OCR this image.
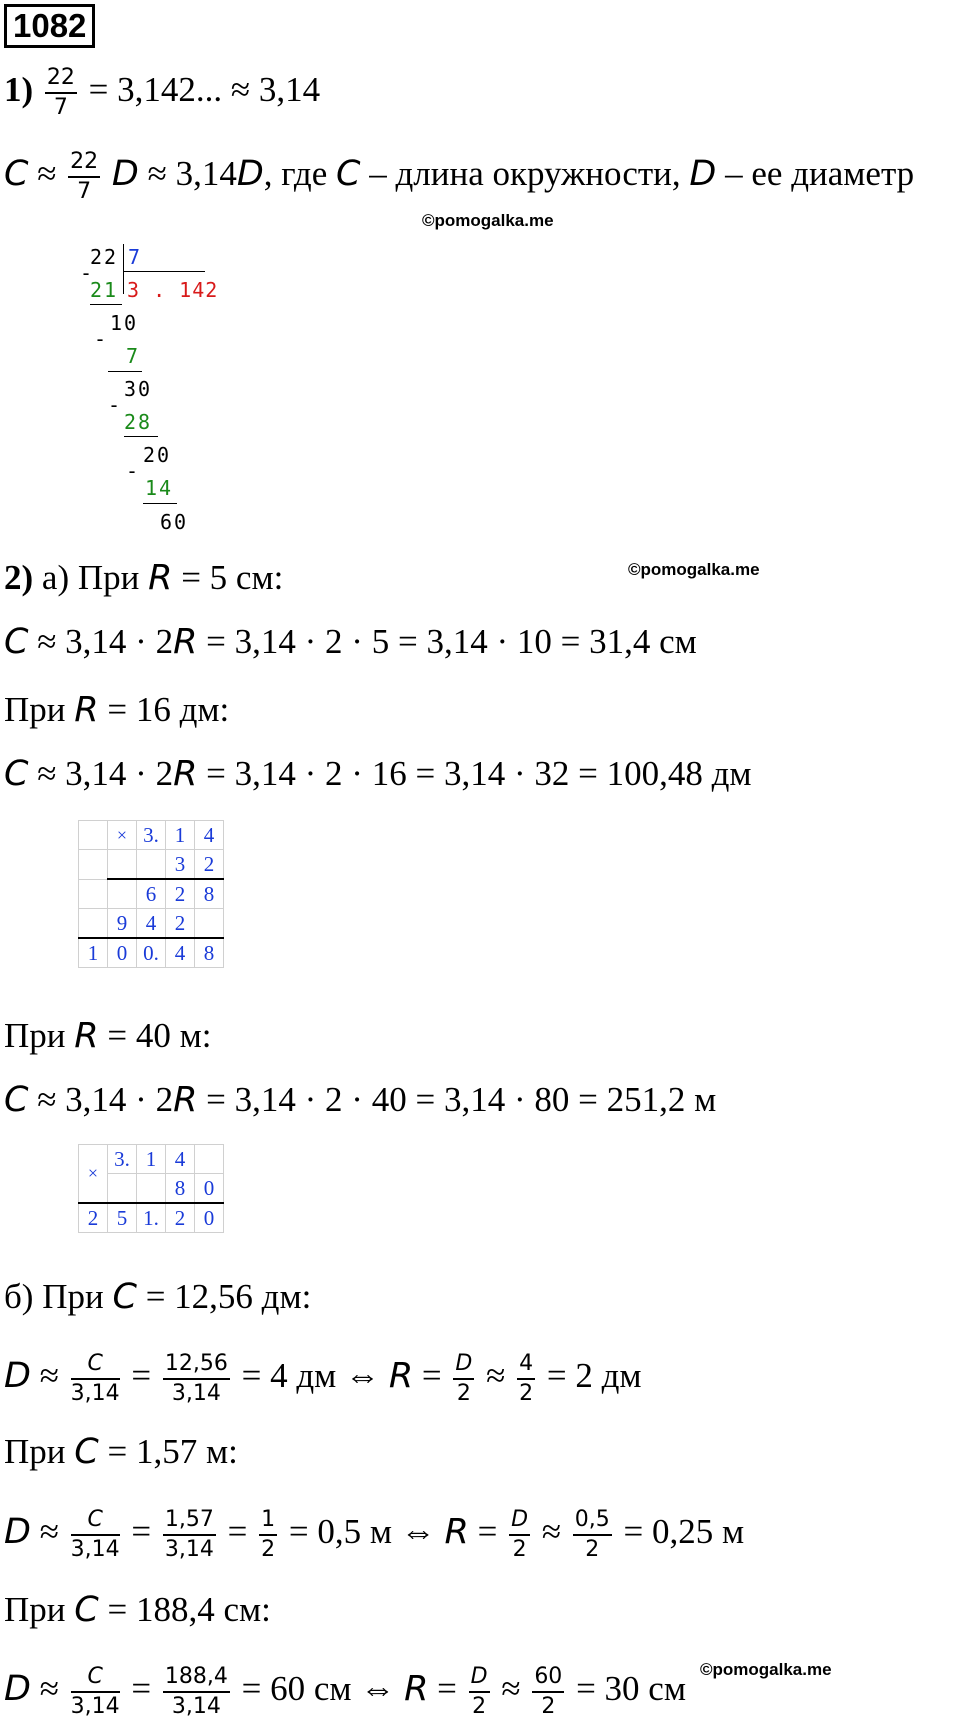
1082
$1) \frac{22}{7} = 3,142$... ≈ 3,14
$C \approx \frac{22}{7}$ D ≈ 3,14D, где C – длина окружности, D – ее диаметр
©pomogalka.me
22 7
-
21 3 . 142
10
-
7
30
-
28
20
-
14
60
2) а) При R = 5 см:	©pomogalka.me
C ≈ 3,14 · 2R = 3,14 · 2 · 5 = 3,14 · 10 = 31,4 см
При R = 16 дм:
C ≈ 3,14 · 2R = 3,14 · 2 · 16 = 3,14 · 32 = 100,48 дм
	×	3.	1	4
			3	2
		6	2	8
	9	4	2	
1	0	0.	4	8
При R = 40 м:
C ≈ 3,14 · 2R = 3,14 · 2 · 40 = 3,14 · 80 = 251,2 м
×	3.	1	4	
			8	0
2	5	1.	2	0
б) При C = 12,56 дм:
$D \approx \frac{C}{3,14} = \frac{12,56}{3,14} = 4$ дм ⇔ $R = \frac{D}{2} \approx \frac{4}{2} = 2$ дм
При C = 1,57 м:
$D \approx \frac{C}{3,14} = \frac{1,57}{3,14} = \frac{1}{2} = 0,5$ м ⇔ $R = \frac{D}{2} \approx \frac{0,5}{2} = 0,25$ м
При C = 188,4 см:
$D \approx \frac{C}{3,14} = \frac{188,4}{3,14} = 60$ см ⇔ $R = \frac{D}{2} \approx \frac{60}{2} = 30$ см ©pomogalka.me
